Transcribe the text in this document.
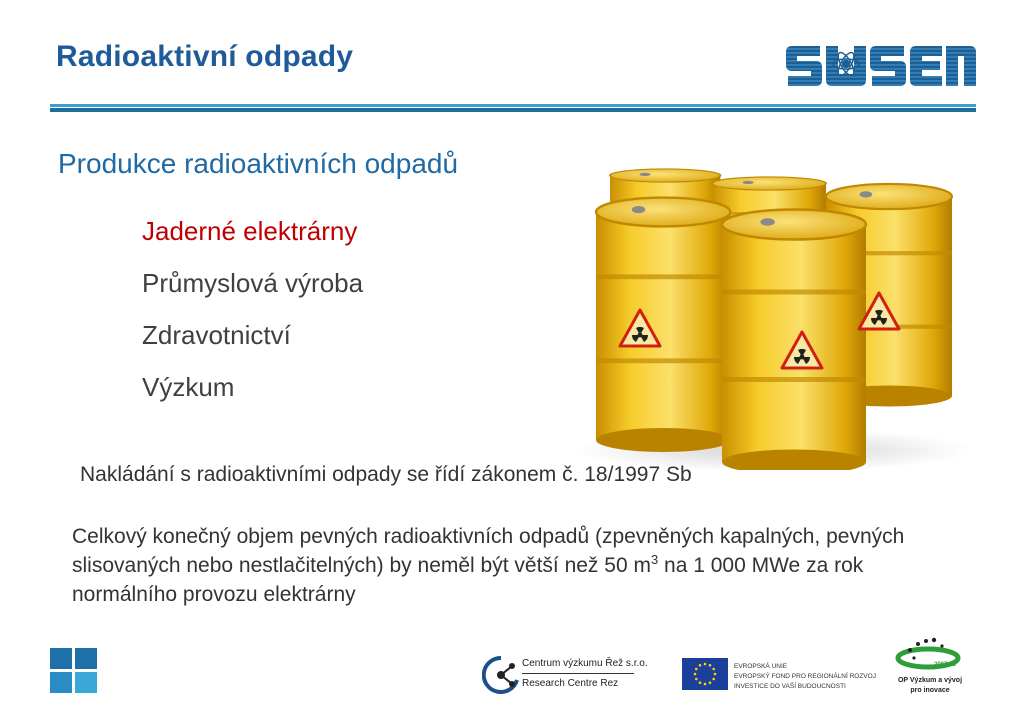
Radioaktivní odpady
Produkce radioaktivních odpadů
Jaderné elektrárny
Průmyslová výroba
Zdravotnictví
Výzkum
Nakládání s radioaktivními odpady se řídí zákonem č. 18/1997 Sb

Celkový konečný objem pevných radioaktivních odpadů (zpevněných kapalných, pevných slisovaných nebo nestlačitelných) by neměl být větší než 50 $m^3$ na 1 000 MWe za rok normálního provozu elektrárny

Centrum výzkumu Řež s.r.o.
Research Centre Rez
EVROPSKÁ UNIE
EVROPSKÝ FOND PRO REGIONÁLNÍ ROZVOJ
INVESTICE DO VAŠÍ BUDOUCNOSTI
2007-13
OP Výzkum a vývoj
pro inovace
